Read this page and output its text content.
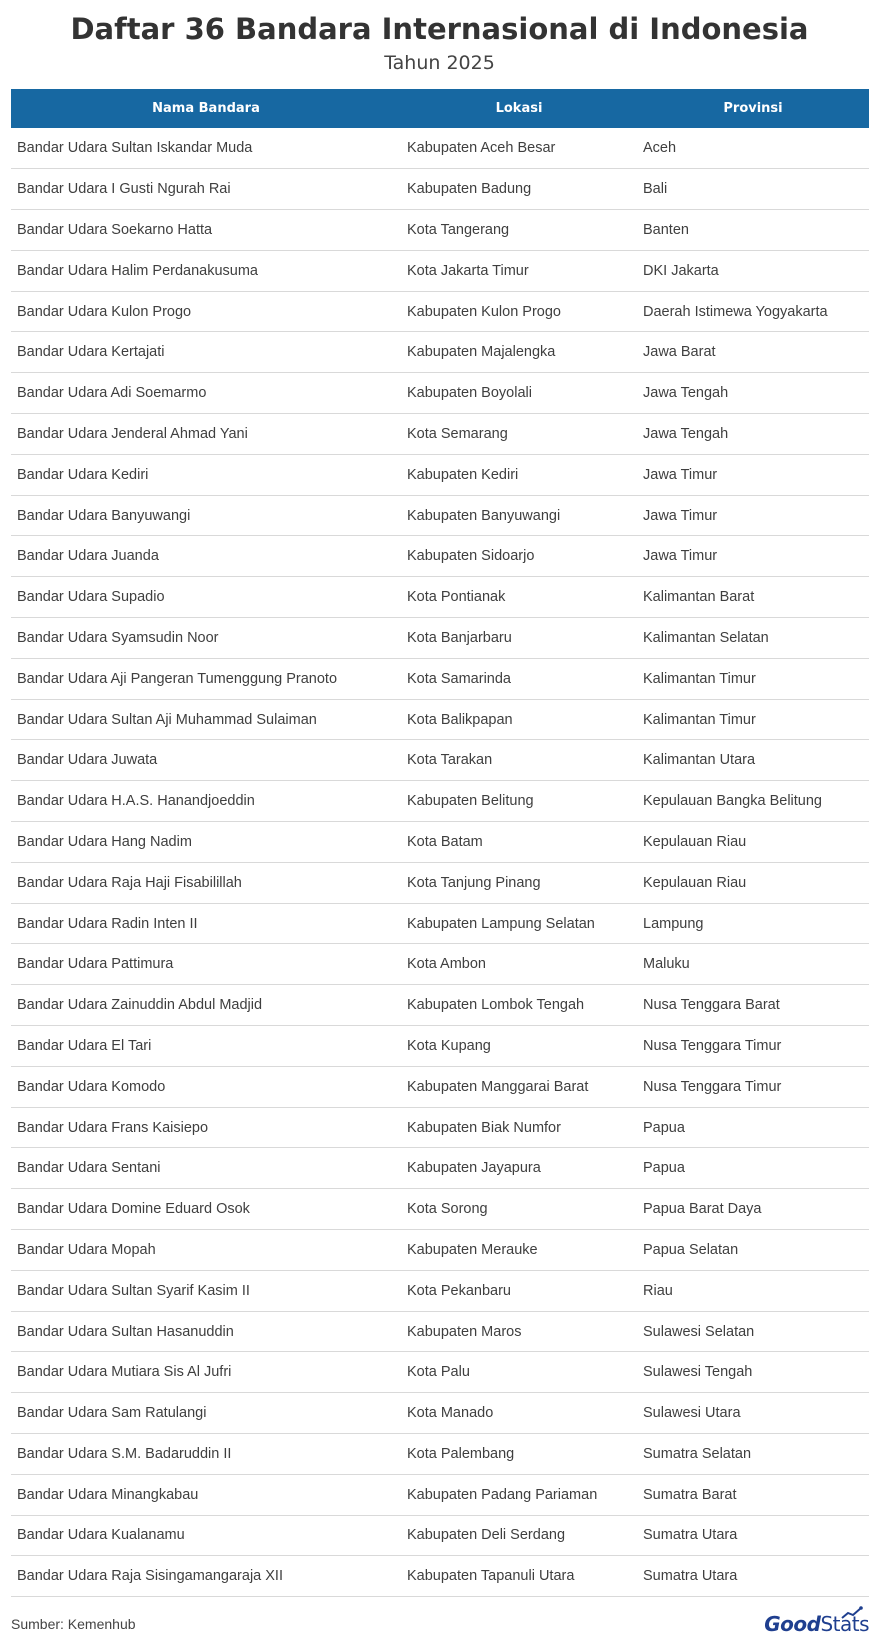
Daftar 36 Bandara Internasional di Indonesia
Tahun 2025
Nama Bandara	Lokasi	Provinsi
Bandar Udara Sultan Iskandar Muda	Kabupaten Aceh Besar	Aceh
Bandar Udara I Gusti Ngurah Rai	Kabupaten Badung	Bali
Bandar Udara Soekarno Hatta	Kota Tangerang	Banten
Bandar Udara Halim Perdanakusuma	Kota Jakarta Timur	DKI Jakarta
Bandar Udara Kulon Progo	Kabupaten Kulon Progo	Daerah Istimewa Yogyakarta
Bandar Udara Kertajati	Kabupaten Majalengka	Jawa Barat
Bandar Udara Adi Soemarmo	Kabupaten Boyolali	Jawa Tengah
Bandar Udara Jenderal Ahmad Yani	Kota Semarang	Jawa Tengah
Bandar Udara Kediri	Kabupaten Kediri	Jawa Timur
Bandar Udara Banyuwangi	Kabupaten Banyuwangi	Jawa Timur
Bandar Udara Juanda	Kabupaten Sidoarjo	Jawa Timur
Bandar Udara Supadio	Kota Pontianak	Kalimantan Barat
Bandar Udara Syamsudin Noor	Kota Banjarbaru	Kalimantan Selatan
Bandar Udara Aji Pangeran Tumenggung Pranoto	Kota Samarinda	Kalimantan Timur
Bandar Udara Sultan Aji Muhammad Sulaiman	Kota Balikpapan	Kalimantan Timur
Bandar Udara Juwata	Kota Tarakan	Kalimantan Utara
Bandar Udara H.A.S. Hanandjoeddin	Kabupaten Belitung	Kepulauan Bangka Belitung
Bandar Udara Hang Nadim	Kota Batam	Kepulauan Riau
Bandar Udara Raja Haji Fisabilillah	Kota Tanjung Pinang	Kepulauan Riau
Bandar Udara Radin Inten II	Kabupaten Lampung Selatan	Lampung
Bandar Udara Pattimura	Kota Ambon	Maluku
Bandar Udara Zainuddin Abdul Madjid	Kabupaten Lombok Tengah	Nusa Tenggara Barat
Bandar Udara El Tari	Kota Kupang	Nusa Tenggara Timur
Bandar Udara Komodo	Kabupaten Manggarai Barat	Nusa Tenggara Timur
Bandar Udara Frans Kaisiepo	Kabupaten Biak Numfor	Papua
Bandar Udara Sentani	Kabupaten Jayapura	Papua
Bandar Udara Domine Eduard Osok	Kota Sorong	Papua Barat Daya
Bandar Udara Mopah	Kabupaten Merauke	Papua Selatan
Bandar Udara Sultan Syarif Kasim II	Kota Pekanbaru	Riau
Bandar Udara Sultan Hasanuddin	Kabupaten Maros	Sulawesi Selatan
Bandar Udara Mutiara Sis Al Jufri	Kota Palu	Sulawesi Tengah
Bandar Udara Sam Ratulangi	Kota Manado	Sulawesi Utara
Bandar Udara S.M. Badaruddin II	Kota Palembang	Sumatra Selatan
Bandar Udara Minangkabau	Kabupaten Padang Pariaman	Sumatra Barat
Bandar Udara Kualanamu	Kabupaten Deli Serdang	Sumatra Utara
Bandar Udara Raja Sisingamangaraja XII	Kabupaten Tapanuli Utara	Sumatra Utara
Sumber: Kemenhub	GoodStats
